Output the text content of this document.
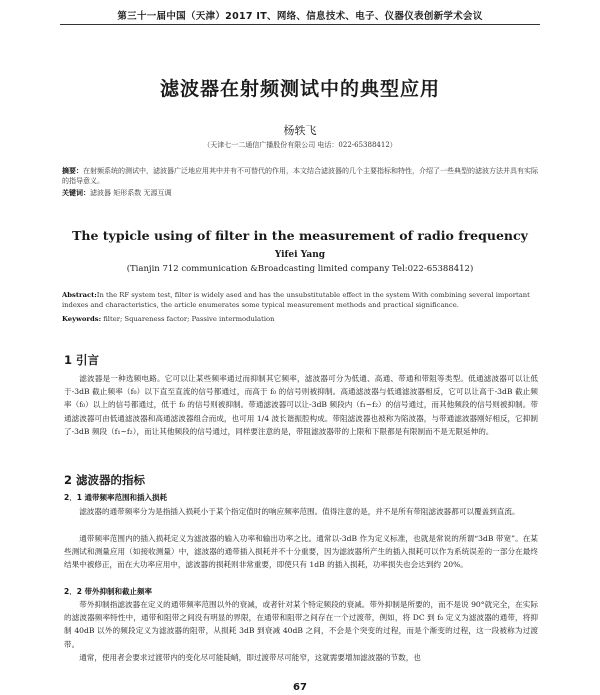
第三十一届中国（天津）2017 IT、网络、信息技术、电子、仪器仪表创新学术会议
滤波器在射频测试中的典型应用
杨轶飞
（天津七一二通信广播股份有限公司 电话：022-65388412）
摘要：在射频系统的测试中，滤波器广泛地应用其中并有不可替代的作用，本文结合滤波器的几个主要指标和特性，介绍了一些典型的滤波方法并具有实际的指导意义。
关键词：滤波器 矩形系数 无源互调
The typicle using of filter in the measurement of radio frequency
Yifei Yang
(Tianjin 712 communication &Broadcasting limited company Tel:022-65388412)
Abstract:In the RF system test, filter is widely ased and has the unsubstitutable effect in the system With combining several important indexes and characteristics, the article enumerates some typical measurement methods and practical significance.
Keywords: filter; Squareness factor; Passive intermodulation
1 引言
滤波器是一种选频电路。它可以让某些频率通过而抑制其它频率，滤波器可分为低通、高通、带通和带阻等类型。低通滤波器可以让低于-3dB 截止频率（f₀）以下直至直流的信号都通过，而高于 f₀ 的信号则被抑制。高通滤波器与低通滤波器相反，它可以让高于-3dB 截止频率（f₀）以上的信号都通过，低于 f₀ 的信号则被抑制。带通滤波器可以让-3dB 频段内（f₁~f₂）的信号通过，而其他频段的信号则被抑制。带通滤波器可由低通滤波器和高通滤波器组合而成，也可用 1/4 波长谐振腔构成。带阻滤波器也被称为陷波器，与带通滤波器刚好相反，它抑制了-3dB 频段（f₁~f₂），而让其他频段的信号通过，同样要注意的是，带阻滤波器带的上限和下限都是有限制而不是无限延伸的。
2 滤波器的指标
2．1 通带频率范围和插入损耗
滤波器的通带频率分为是指插入损耗小于某个指定值时的响应频率范围。值得注意的是，并不是所有带阻滤波器都可以覆盖到直流。
通带频率范围内的插入损耗定义为滤波器的输入功率和输出功率之比。通常以-3dB 作为定义标准，也就是常说的所谓“3dB 带宽”。在某些测试和测量应用（如接收测量）中，滤波器的通带插入损耗并不十分重要，因为滤波器所产生的插入损耗可以作为系统误差的一部分在最终结果中被修正，而在大功率应用中，滤波器的损耗则非常重要，即使只有 1dB 的插入损耗，功率损失也会达到约 20%。
2．2 带外抑制和截止频率
带外抑制指滤波器在定义的通带频率范围以外的衰减，或者针对某个特定频段的衰减。带外抑制是所要的，而不是说 90°就完全，在实际的滤波器频率特性中，通带和阻带之间没有明显的界限，在通带和阻带之间存在一个过渡带，例如，将 DC 到 f₀ 定义为滤波器的通带，将抑制 40dB 以外的频段定义为滤波器的阻带，从损耗 3dB 到衰减 40dB 之间，不会是个突变的过程，而是个渐变的过程，这一段被称为过渡带。
通常，使用者会要求过渡带内的变化尽可能陡峭，即过渡带尽可能窄，这就需要增加滤波器的节数，也
67
